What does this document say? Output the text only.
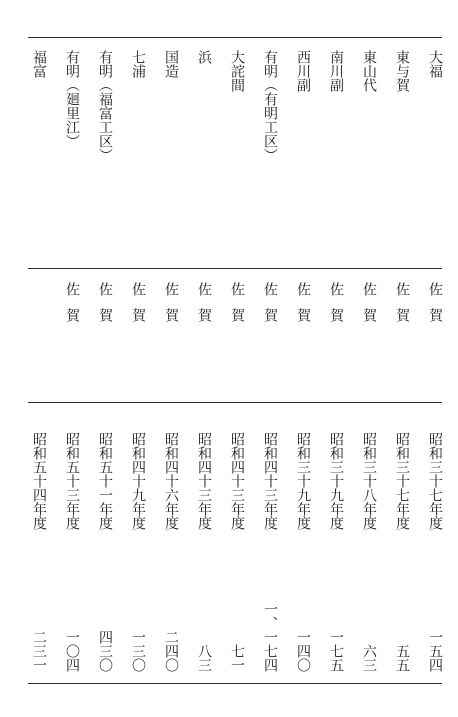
大福
佐賀
昭和三十七年度
一五四
東与賀
佐賀
昭和三十七年度
五五
東山代
佐賀
昭和三十八年度
六三
南川副
佐賀
昭和三十九年度
一七五
西川副
佐賀
昭和三十九年度
一四〇
有明（有明工区）
佐賀
昭和四十三年度
一、一七四
大詫間
佐賀
昭和四十三年度
七一
浜
佐賀
昭和四十三年度
八三
国造
佐賀
昭和四十六年度
二四〇
七浦
佐賀
昭和四十九年度
一三〇
有明（福富工区）
佐賀
昭和五十一年度
四三〇
有明（廻里江）
佐賀
昭和五十三年度
一〇四
福富
昭和五十四年度
二三一
